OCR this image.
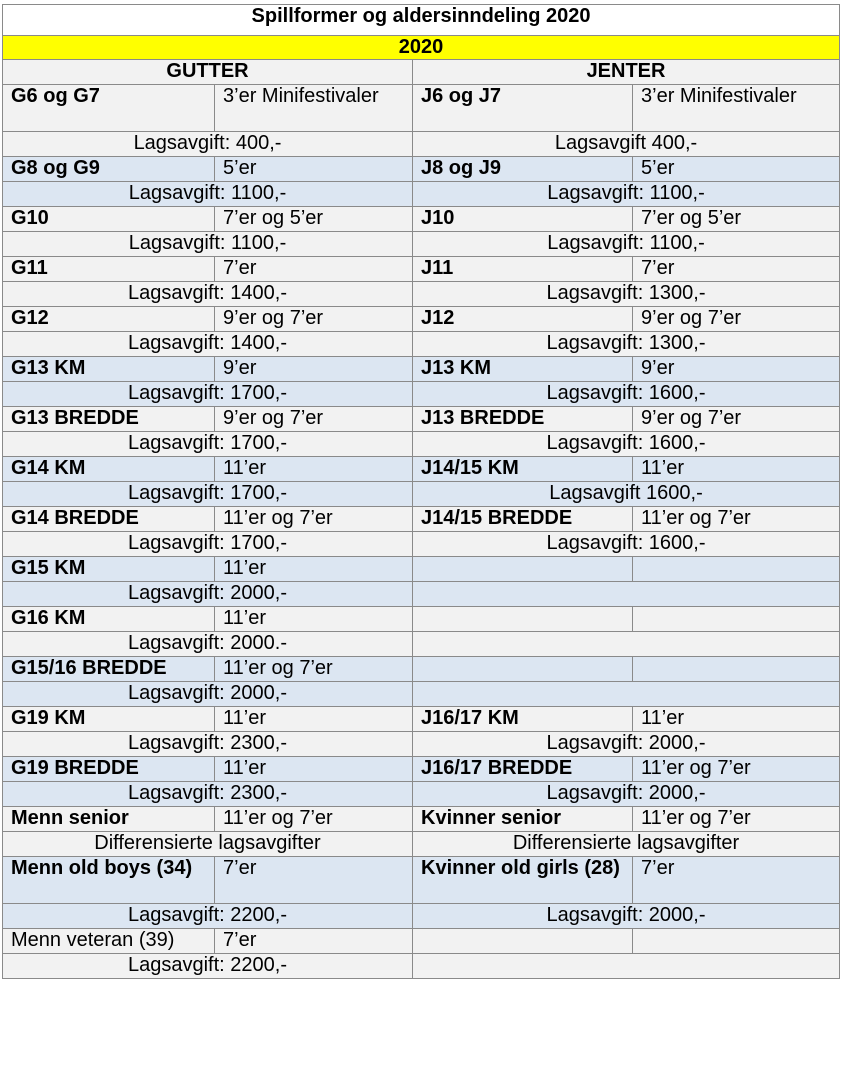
Spillformer og aldersinndeling 2020			
2020			
GUTTER		JENTER	
G6 og G7	3’er Minifestivaler	J6 og J7	3’er Minifestivaler
Lagsavgift: 400,-		Lagsavgift 400,-	
G8 og G9	5’er	J8 og J9	5’er
Lagsavgift: 1100,-		Lagsavgift: 1100,-	
G10	7’er og 5’er	J10	7’er og 5’er
Lagsavgift: 1100,-		Lagsavgift: 1100,-	
G11	7’er	J11	7’er
Lagsavgift: 1400,-		Lagsavgift: 1300,-	
G12	9’er og 7’er	J12	9’er og 7’er
Lagsavgift: 1400,-		Lagsavgift: 1300,-	
G13 KM	9’er	J13 KM	9’er
Lagsavgift: 1700,-		Lagsavgift: 1600,-	
G13 BREDDE	9’er og 7’er	J13 BREDDE	9’er og 7’er
Lagsavgift: 1700,-		Lagsavgift: 1600,-	
G14 KM	11’er	J14/15 KM	11’er
Lagsavgift: 1700,-		Lagsavgift 1600,-	
G14 BREDDE	11’er og 7’er	J14/15 BREDDE	11’er og 7’er
Lagsavgift: 1700,-		Lagsavgift: 1600,-	
G15 KM	11’er		
Lagsavgift: 2000,-			
G16 KM	11’er		
Lagsavgift: 2000.-			
G15/16 BREDDE	11’er og 7’er		
Lagsavgift: 2000,-			
G19 KM	11’er	J16/17 KM	11’er
Lagsavgift: 2300,-		Lagsavgift: 2000,-	
G19 BREDDE	11’er	J16/17 BREDDE	11’er og 7’er
Lagsavgift: 2300,-		Lagsavgift: 2000,-	
Menn senior	11’er og 7’er	Kvinner senior	11’er og 7’er
Differensierte lagsavgifter		Differensierte lagsavgifter	
Menn old boys (34)	7’er	Kvinner old girls (28)	7’er
Lagsavgift: 2200,-		Lagsavgift: 2000,-	
Menn veteran (39)	7’er		
Lagsavgift: 2200,-			
